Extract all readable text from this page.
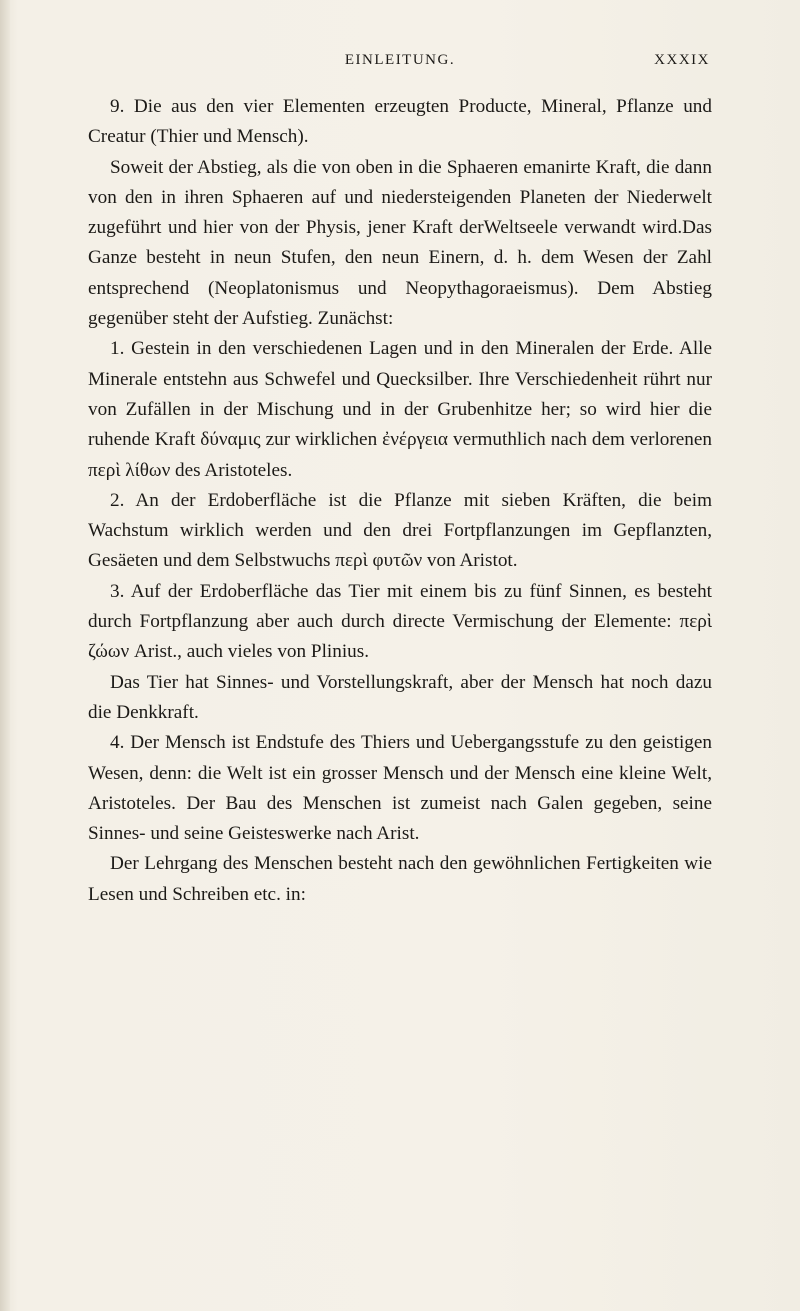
EINLEITUNG.	XXXIX

9. Die aus den vier Elementen erzeugten Producte, Mineral, Pflanze und Creatur (Thier und Mensch).

Soweit der Abstieg, als die von oben in die Sphaeren emanirte Kraft, die dann von den in ihren Sphaeren auf und niedersteigenden Planeten der Niederwelt zugeführt und hier von der Physis, jener Kraft derWeltseele verwandt wird.Das Ganze besteht in neun Stufen, den neun Einern, d. h. dem Wesen der Zahl entsprechend (Neoplatonismus und Neopythagoraeismus). Dem Abstieg gegenüber steht der Aufstieg. Zunächst:

1. Gestein in den verschiedenen Lagen und in den Mineralen der Erde. Alle Minerale entstehn aus Schwefel und Quecksilber. Ihre Verschiedenheit rührt nur von Zufällen in der Mischung und in der Grubenhitze her; so wird hier die ruhende Kraft δύναμις zur wirklichen ἐνέργεια vermuthlich nach dem verlorenen περὶ λίθων des Aristoteles.

2. An der Erdoberfläche ist die Pflanze mit sieben Kräften, die beim Wachstum wirklich werden und den drei Fortpflanzungen im Gepflanzten, Gesäeten und dem Selbstwuchs περὶ φυτῶν von Aristot.

3. Auf der Erdoberfläche das Tier mit einem bis zu fünf Sinnen, es besteht durch Fortpflanzung aber auch durch directe Vermischung der Elemente: περὶ ζώων Arist., auch vieles von Plinius.

Das Tier hat Sinnes- und Vorstellungskraft, aber der Mensch hat noch dazu die Denkkraft.

4. Der Mensch ist Endstufe des Thiers und Uebergangsstufe zu den geistigen Wesen, denn: die Welt ist ein grosser Mensch und der Mensch eine kleine Welt, Aristoteles. Der Bau des Menschen ist zumeist nach Galen gegeben, seine Sinnes- und seine Geisteswerke nach Arist.

Der Lehrgang des Menschen besteht nach den gewöhnlichen Fertigkeiten wie Lesen und Schreiben etc. in:
